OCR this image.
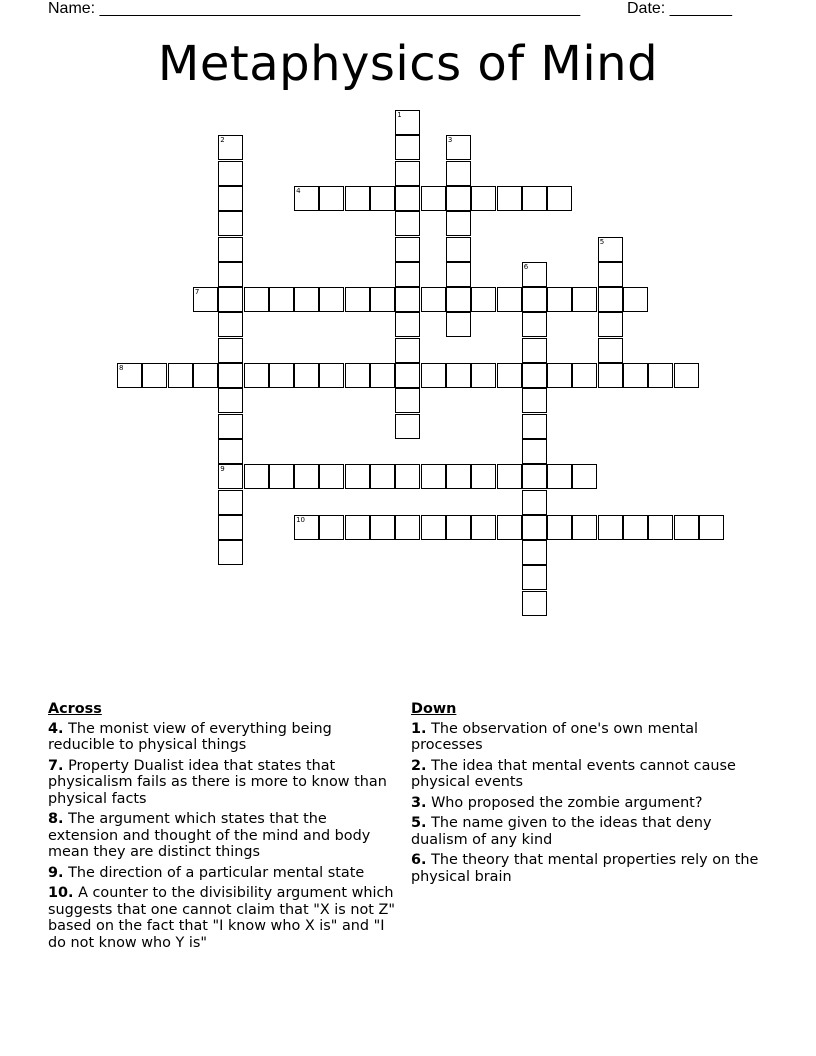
Name: ______________________________________________________	Date: _______
Metaphysics of Mind
1
2
9
3
4
5
6
7
8
10
Across
4. The monist view of everything being reducible to physical things
7. Property Dualist idea that states that physicalism fails as there is more to know than physical facts
8. The argument which states that the extension and thought of the mind and body mean they are distinct things
9. The direction of a particular mental state
10. A counter to the divisibility argument which suggests that one cannot claim that "X is not Z" based on the fact that "I know who X is" and "I do not know who Y is"
Down
1. The observation of one's own mental processes
2. The idea that mental events cannot cause physical events
3. Who proposed the zombie argument?
5. The name given to the ideas that deny dualism of any kind
6. The theory that mental properties rely on the physical brain
